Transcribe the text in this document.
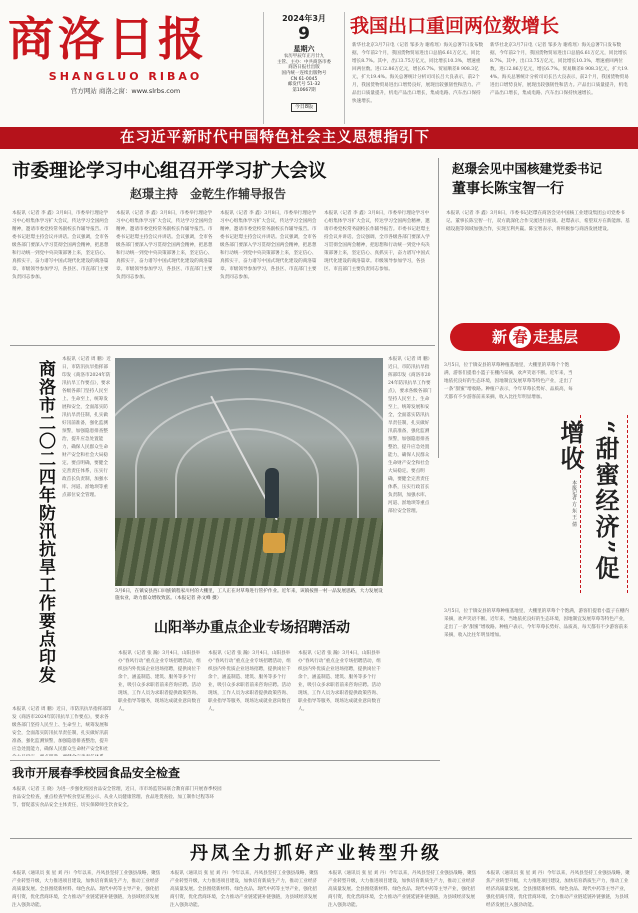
商洛日报
SHANGLUO RIBAO
官方网站 商洛之窗：www.slrbs.com
2024年3月
9
星期六
农历甲辰年正月廿九
主管、主办：中共商洛市委
商洛日报社出版
国内统一连续出版物号
CN 61-0045
邮发代号 51-32
第10667期
今日8版
我国出口重回两位数增长
新华社北京3月7日电（记者 邹多为 谢希瑶）海关总署7日发布数据，今年前2个月，我国货物贸易进出口总值6.61万亿元，同比增长8.7%。其中，出口3.75万亿元，同比增长10.3%，增速重回两位数。进口2.86万亿元，增长6.7%。贸易顺差8 908.3亿元，扩大19.4%。海关总署统计分析司司长吕大良表示，前2个月，我国货物贸易进出口增势良好，展现出较强韧性和活力。产品出口质量提升，机电产品出口增长，集成电路、汽车出口保持快速增长。
新华社北京3月7日电（记者 邹多为 谢希瑶）海关总署7日发布数据，今年前2个月，我国货物贸易进出口总值6.61万亿元，同比增长8.7%。其中，出口3.75万亿元，同比增长10.3%，增速重回两位数。进口2.86万亿元，增长6.7%。贸易顺差8 908.3亿元，扩大19.4%。海关总署统计分析司司长吕大良表示，前2个月，我国货物贸易进出口增势良好，展现出较强韧性和活力。产品出口质量提升，机电产品出口增长，集成电路、汽车出口保持快速增长。
在习近平新时代中国特色社会主义思想指引下
市委理论学习中心组召开学习扩大会议
赵璟主持　金乾生作辅导报告
本报讯（记者 李 鑫）3月8日，市委举行理论学习中心组集体学习扩大会议，传达学习全国两会精神，邀请市委党校常务副校长作辅导报告。市委书记赵璟主持会议并讲话。会议强调，全市各级各部门要深入学习贯彻全国两会精神，把思想和行动统一到党中央决策部署上来，坚定信心、真抓实干，奋力谱写中国式现代化建设的商洛篇章。市级领导参加学习，各县区、市直部门主要负责同志参加。
本报讯（记者 李 鑫）3月8日，市委举行理论学习中心组集体学习扩大会议，传达学习全国两会精神，邀请市委党校常务副校长作辅导报告。市委书记赵璟主持会议并讲话。会议强调，全市各级各部门要深入学习贯彻全国两会精神，把思想和行动统一到党中央决策部署上来，坚定信心、真抓实干，奋力谱写中国式现代化建设的商洛篇章。市级领导参加学习，各县区、市直部门主要负责同志参加。
本报讯（记者 李 鑫）3月8日，市委举行理论学习中心组集体学习扩大会议，传达学习全国两会精神，邀请市委党校常务副校长作辅导报告。市委书记赵璟主持会议并讲话。会议强调，全市各级各部门要深入学习贯彻全国两会精神，把思想和行动统一到党中央决策部署上来，坚定信心、真抓实干，奋力谱写中国式现代化建设的商洛篇章。市级领导参加学习，各县区、市直部门主要负责同志参加。
本报讯（记者 李 鑫）3月8日，市委举行理论学习中心组集体学习扩大会议，传达学习全国两会精神，邀请市委党校常务副校长作辅导报告。市委书记赵璟主持会议并讲话。会议强调，全市各级各部门要深入学习贯彻全国两会精神，把思想和行动统一到党中央决策部署上来，坚定信心、真抓实干，奋力谱写中国式现代化建设的商洛篇章。市级领导参加学习，各县区、市直部门主要负责同志参加。
赵璟会见中国核建党委书记
董事长陈宝智一行
本报讯（记者 李 鑫）3月8日，市委书记赵璟在商洛会见中国核工业建设集团公司党委书记、董事长陈宝智一行，双方就深化合作交流进行座谈。赵璟表示，希望双方在新能源、基础设施等领域加强合作，实现互利共赢。陈宝智表示，将积极参与商洛发展建设。
商洛市二〇二四年防汛抗旱工作要点印发
本报讯（记者 周 鹏）近日，市防汛抗旱指挥部印发《商洛市2024年防汛抗旱工作要点》，要求各级各部门坚持人民至上、生命至上，统筹发展和安全，全面落实防汛抗旱责任制，扎实做好汛前准备，强化监测预警，加强隐患排查整治，提升应急处置能力，确保人民群众生命财产安全和社会大局稳定。要点明确，要健全完善责任体系，压实行政首长负责制，加强水库、河道、淤地坝等重点部位安全管理。
本报讯（记者 周 鹏）近日，市防汛抗旱指挥部印发《商洛市2024年防汛抗旱工作要点》，要求各级各部门坚持人民至上、生命至上，统筹发展和安全，全面落实防汛抗旱责任制，扎实做好汛前准备，强化监测预警，加强隐患排查整治，提升应急处置能力，确保人民群众生命财产安全和社
3月6日，在镇安县西口回族镇程家川村的大棚里，工人正在对草莓进行管护作业。近年来，该镇按照一村一品发展思路，大力发展设施农业，助力群众增收致富。（本报记者 孙文峰 摄）
山阳举办重点企业专场招聘活动
本报讯（记者 张 瀚）3月4日，山阳县举办“春风行动”重点企业专场招聘活动，组织县内外优质企业进场招聘，提供岗位千余个，涵盖制造、建筑、服务等多个行业，吸引众多求职者前来咨询应聘。活动现场，工作人员为求职者提供政策咨询、职业指导等服务，现场达成就业意向数百人。
本报讯（记者 张 瀚）3月4日，山阳县举办“春风行动”重点企业专场招聘活动，组织县内外优质企业进场招聘，提供岗位千余个，涵盖制造、建筑、服务等多个行业，吸引众多求职者前来咨询应聘。活动现场，工作人员为求职者提供政策咨询、职业指导等服务，现场达成就业意向数百人。
本报讯（记者 张 瀚）3月4日，山阳县举办“春风行动”重点企业专场招聘活动，组织县内外优质企业进场招聘，提供岗位千余个，涵盖制造、建筑、服务等多个行业，吸引众多求职者前来咨询应聘。活动现场，工作人员为求职者提供政策咨询、职业指导等服务，现场达成就业意向数百人。
本报讯（记者 周 鹏）近日，市防汛抗旱指挥部印发《商洛市2024年防汛抗旱工作要点》，要求各级各部门坚持人民至上、生命至上，统筹发展和安全，全面落实防汛抗旱责任制，扎实做好汛前准备，强化监测预警，加强隐患排查整治，提升应急处置能力，确保人民群众生命财产安全和社会大局稳定。要点明确，要健全完善责任体系，压实行政首长负责制，加强水库、河道、淤地坝等重点部位安全管理。
新 春 走基层
3月5日，位于镇安县的草莓种植基地里，大棚里的草莓个个饱满，游客们提着小篮子在棚内采摘，欢声笑语不断。近年来，当地依托良好的生态环境，因地制宜发展草莓等特色产业，走出了一条“甜蜜”增收路。种植户表示，今年草莓长势好、品质高，每天都有不少游客前来采摘，收入比往年明显增加。
“甜蜜经济”促增收
本报记者 方 东 王 倩
3月5日，位于镇安县的草莓种植基地里，大棚里的草莓个个饱满，游客们提着小篮子在棚内采摘，欢声笑语不断。近年来，当地依托良好的生态环境，因地制宜发展草莓等特色产业，走出了一条“甜蜜”增收路。种植户表示，今年草莓长势好、品质高，每天都有不少游客前来采摘，收入比往年明显增加。
我市开展春季校园食品安全检查
本报讯（记者 王 晓）为进一步强化校园食品安全管理，近日，市市场监管局联合教育部门开展春季校园食品安全检查，重点检查学校食堂证照公示、从业人员健康管理、食品进货查验、加工制作过程等环节，督促落实食品安全主体责任，切实保障师生饮食安全。
丹凤全力抓好产业转型升级
本报讯（通讯员 张 星 刘 丹）今年以来，丹凤县坚持工业强县战略，聚焦产业转型升级，大力推进项目建设，加快培育新质生产力，推动工业经济高质量发展。全县围绕新材料、绿色食品、现代中药等主导产业，强化招商引资，优化营商环境，全力推动产业链延链补链强链，为县域经济发展注入强劲动能。
本报讯（通讯员 张 星 刘 丹）今年以来，丹凤县坚持工业强县战略，聚焦产业转型升级，大力推进项目建设，加快培育新质生产力，推动工业经济高质量发展。全县围绕新材料、绿色食品、现代中药等主导产业，强化招商引资，优化营商环境，全力推动产业链延链补链强链，为县域经济发展注入强劲动能。
本报讯（通讯员 张 星 刘 丹）今年以来，丹凤县坚持工业强县战略，聚焦产业转型升级，大力推进项目建设，加快培育新质生产力，推动工业经济高质量发展。全县围绕新材料、绿色食品、现代中药等主导产业，强化招商引资，优化营商环境，全力推动产业链延链补链强链，为县域经济发展注入强劲动能。
本报讯（通讯员 张 星 刘 丹）今年以来，丹凤县坚持工业强县战略，聚焦产业转型升级，大力推进项目建设，加快培育新质生产力，推动工业经济高质量发展。全县围绕新材料、绿色食品、现代中药等主导产业，强化招商引资，优化营商环境，全力推动产业链延链补链强链，为县域经济发展注入强劲动能。
